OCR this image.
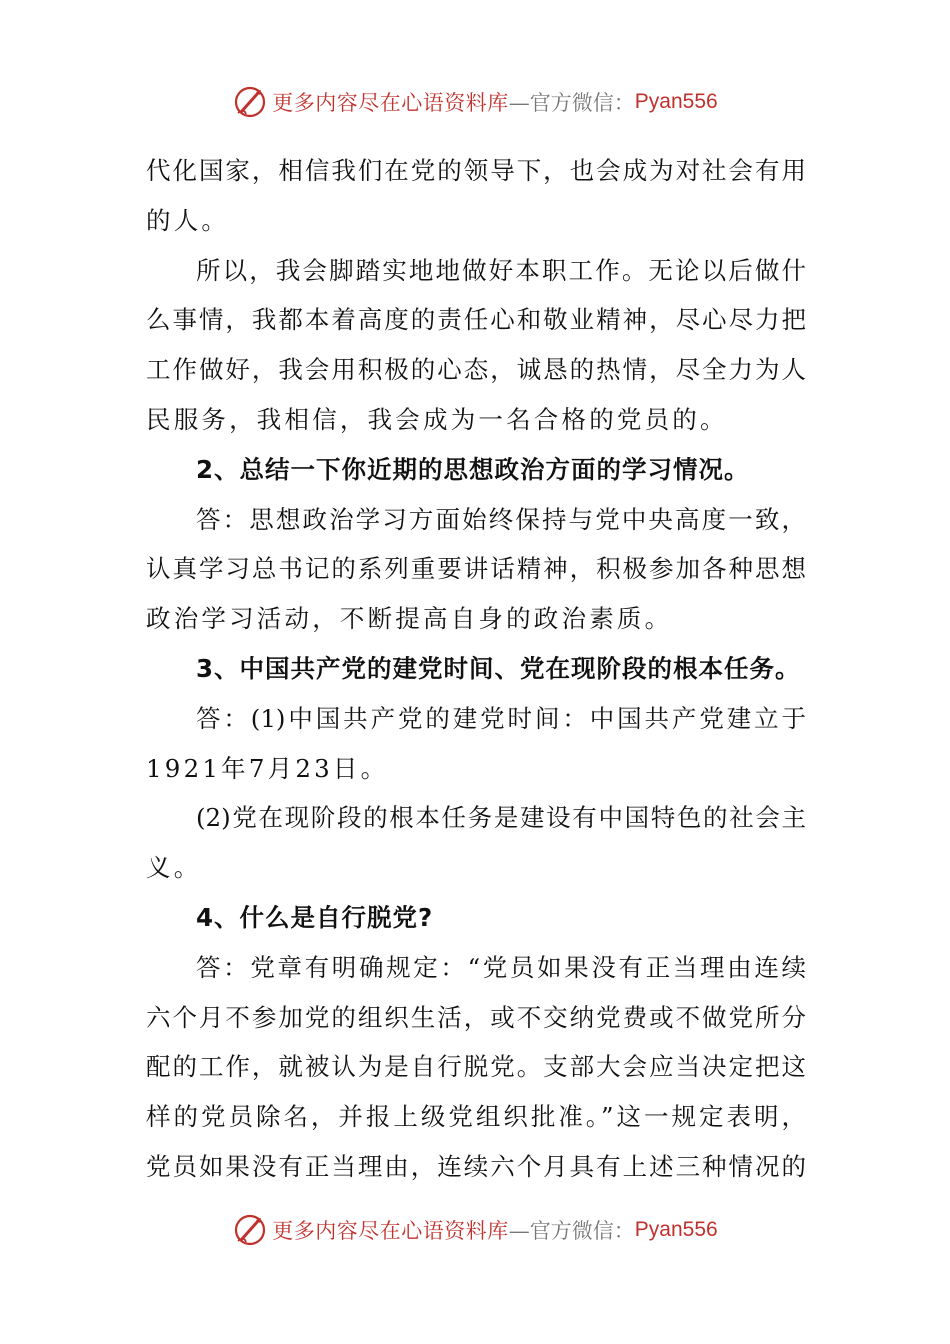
更多内容尽在心语资料库 —官方微信： Pyan556
代化国家，相信我们在党的领导下，也会成为对社会有用
的人。
所以，我会脚踏实地地做好本职工作。无论以后做什
么事情，我都本着高度的责任心和敬业精神，尽心尽力把
工作做好，我会用积极的心态，诚恳的热情，尽全力为人
民服务，我相信，我会成为一名合格的党员的。
2、总结一下你近期的思想政治方面的学习情况。
答：思想政治学习方面始终保持与党中央高度一致，
认真学习总书记的系列重要讲话精神，积极参加各种思想
政治学习活动，不断提高自身的政治素质。
3、中国共产党的建党时间、党在现阶段的根本任务。
答：(1)中国共产党的建党时间：中国共产党建立于
1921年7月23日。
(2)党在现阶段的根本任务是建设有中国特色的社会主
义。
4、什么是自行脱党?
答：党章有明确规定：“党员如果没有正当理由连续
六个月不参加党的组织生活，或不交纳党费或不做党所分
配的工作，就被认为是自行脱党。支部大会应当决定把这
样的党员除名，并报上级党组织批准。”这一规定表明，
党员如果没有正当理由，连续六个月具有上述三种情况的
更多内容尽在心语资料库 —官方微信： Pyan556
